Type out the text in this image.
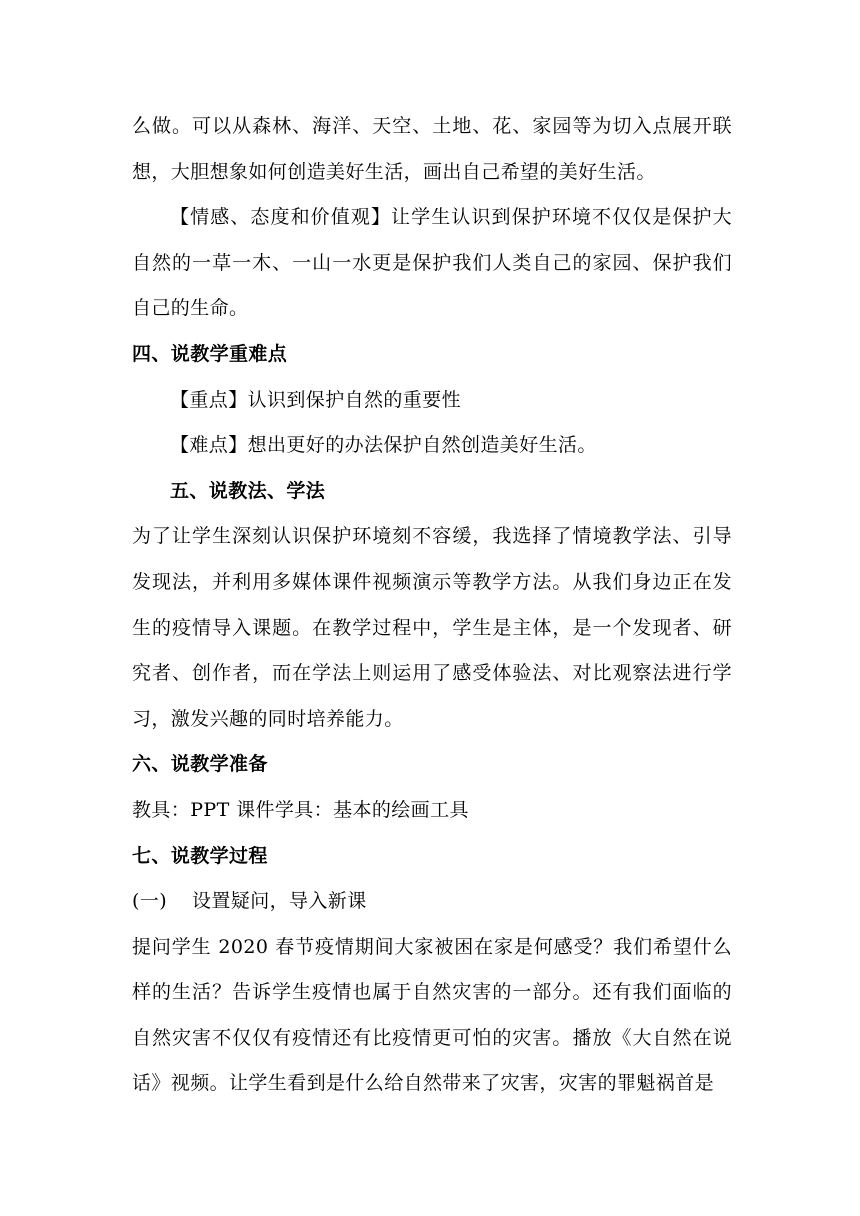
么做。可以从森林、海洋、天空、土地、花、家园等为切入点展开联想，大胆想象如何创造美好生活，画出自己希望的美好生活。

【情感、态度和价值观】让学生认识到保护环境不仅仅是保护大自然的一草一木、一山一水更是保护我们人类自己的家园、保护我们自己的生命。

四、说教学重难点

【重点】认识到保护自然的重要性

【难点】想出更好的办法保护自然创造美好生活。

五、说教法、学法

为了让学生深刻认识保护环境刻不容缓，我选择了情境教学法、引导发现法，并利用多媒体课件视频演示等教学方法。从我们身边正在发生的疫情导入课题。在教学过程中，学生是主体，是一个发现者、研究者、创作者，而在学法上则运用了感受体验法、对比观察法进行学习，激发兴趣的同时培养能力。

六、说教学准备

教具：PPT 课件学具：基本的绘画工具

七、说教学过程

(一) 设置疑问，导入新课

提问学生 2020 春节疫情期间大家被困在家是何感受？我们希望什么样的生活？告诉学生疫情也属于自然灾害的一部分。还有我们面临的自然灾害不仅仅有疫情还有比疫情更可怕的灾害。播放《大自然在说话》视频。让学生看到是什么给自然带来了灾害，灾害的罪魁祸首是
